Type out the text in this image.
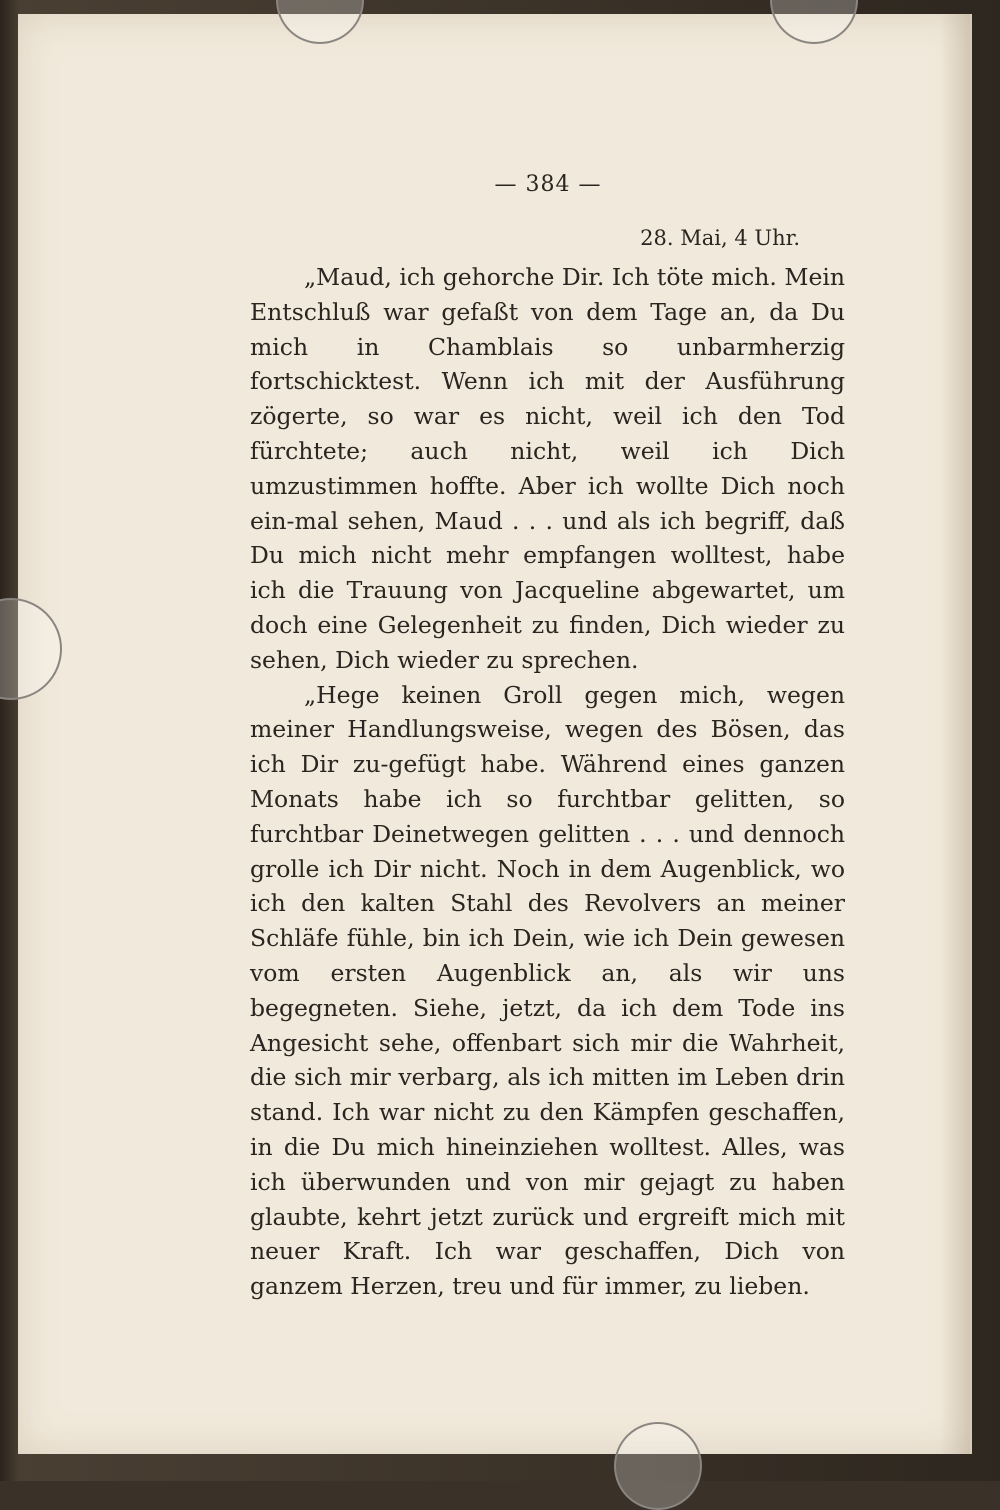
— 384 —
28. Mai, 4 Uhr.

„Maud, ich gehorche Dir. Ich töte mich. Mein Entschluß war gefaßt von dem Tage an, da Du mich in Chamblais so unbarmherzig fortschicktest. Wenn ich mit der Ausführung zögerte, so war es nicht, weil ich den Tod fürchtete; auch nicht, weil ich Dich umzustimmen hoffte. Aber ich wollte Dich noch ein-mal sehen, Maud . . . und als ich begriff, daß Du mich nicht mehr empfangen wolltest, habe ich die Trauung von Jacqueline abgewartet, um doch eine Gelegenheit zu finden, Dich wieder zu sehen, Dich wieder zu sprechen.

„Hege keinen Groll gegen mich, wegen meiner Handlungsweise, wegen des Bösen, das ich Dir zu-gefügt habe. Während eines ganzen Monats habe ich so furchtbar gelitten, so furchtbar Deinetwegen gelitten . . . und dennoch grolle ich Dir nicht. Noch in dem Augenblick, wo ich den kalten Stahl des Revolvers an meiner Schläfe fühle, bin ich Dein, wie ich Dein gewesen vom ersten Augenblick an, als wir uns begegneten. Siehe, jetzt, da ich dem Tode ins Angesicht sehe, offenbart sich mir die Wahrheit, die sich mir verbarg, als ich mitten im Leben drin stand. Ich war nicht zu den Kämpfen geschaffen, in die Du mich hineinziehen wolltest. Alles, was ich überwunden und von mir gejagt zu haben glaubte, kehrt jetzt zurück und ergreift mich mit neuer Kraft. Ich war geschaffen, Dich von ganzem Herzen, treu und für immer, zu lieben.
